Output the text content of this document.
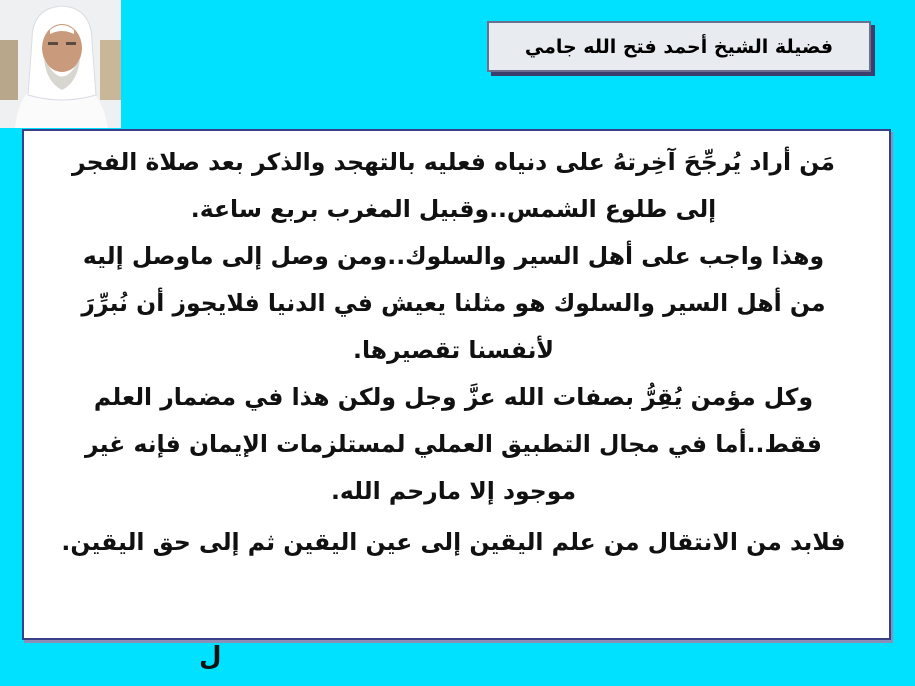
فضيلة الشيخ أحمد فتح الله جامي

مَن أراد يُرجِّحَ آخِرتهُ على دنياه فعليه بالتهجد والذكر بعد صلاة الفجر
إلى طلوع الشمس..وقبيل المغرب بربع ساعة.

وهذا واجب على أهل السير والسلوك..ومن وصل إلى ماوصل إليه
من أهل السير والسلوك هو مثلنا يعيش في الدنيا فلايجوز أن نُبرِّرَ
لأنفسنا تقصيرها.

وكل مؤمن يُقِرُّ بصفات الله عزَّ وجل ولكن هذا في مضمار العلم
فقط..أما في مجال التطبيق العملي لمستلزمات الإيمان فإنه غير
موجود إلا مارحم الله.

فلابد من الانتقال من علم اليقين إلى عين اليقين ثم إلى حق اليقين.

ل
